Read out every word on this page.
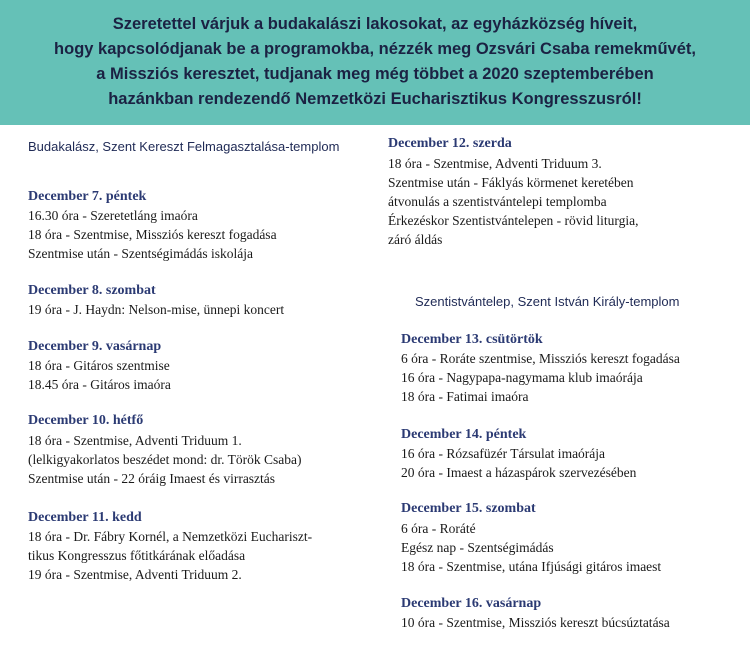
Szeretettel várjuk a budakalászi lakosokat, az egyházközség híveit,
hogy kapcsolódjanak be a programokba, nézzék meg Ozsvári Csaba remekművét,
a Missziós keresztet, tudjanak meg még többet a 2020 szeptemberében
hazánkban rendezendő Nemzetközi Eucharisztikus Kongresszusról!
Budakalász, Szent Kereszt Felmagasztalása-templom
December 7. péntek
16.30 óra - Szeretetláng imaóra
18 óra - Szentmise, Missziós kereszt fogadása
Szentmise után - Szentségimádás iskolája
December 8. szombat
19 óra - J. Haydn: Nelson-mise, ünnepi koncert
December 9. vasárnap
18 óra - Gitáros szentmise
18.45 óra - Gitáros imaóra
December 10. hétfő
18 óra - Szentmise, Adventi Triduum 1.
(lelkigyakorlatos beszédet mond: dr. Török Csaba)
Szentmise után - 22 óráig Imaest és virrasztás
December 11. kedd
18 óra - Dr. Fábry Kornél, a Nemzetközi Euchariszt-
tikus Kongresszus főtitkárának előadása
19 óra - Szentmise, Adventi Triduum 2.
December 12. szerda
18 óra - Szentmise, Adventi Triduum 3.
Szentmise után - Fáklyás körmenet keretében
átvonulás a szentistvántelepi templomba
Érkezéskor Szentistvántelepen - rövid liturgia,
záró áldás
Szentistvántelep, Szent István Király-templom
December 13. csütörtök
6 óra - Roráte szentmise, Missziós kereszt fogadása
16 óra - Nagypapa-nagymama klub imaórája
18 óra - Fatimai imaóra
December 14. péntek
16 óra - Rózsafüzér Társulat imaórája
20 óra - Imaest a házaspárok szervezésében
December 15. szombat
6 óra - Roráté
Egész nap - Szentségimádás
18 óra - Szentmise, utána Ifjúsági gitáros imaest
December 16. vasárnap
10 óra - Szentmise, Missziós kereszt búcsúztatása
